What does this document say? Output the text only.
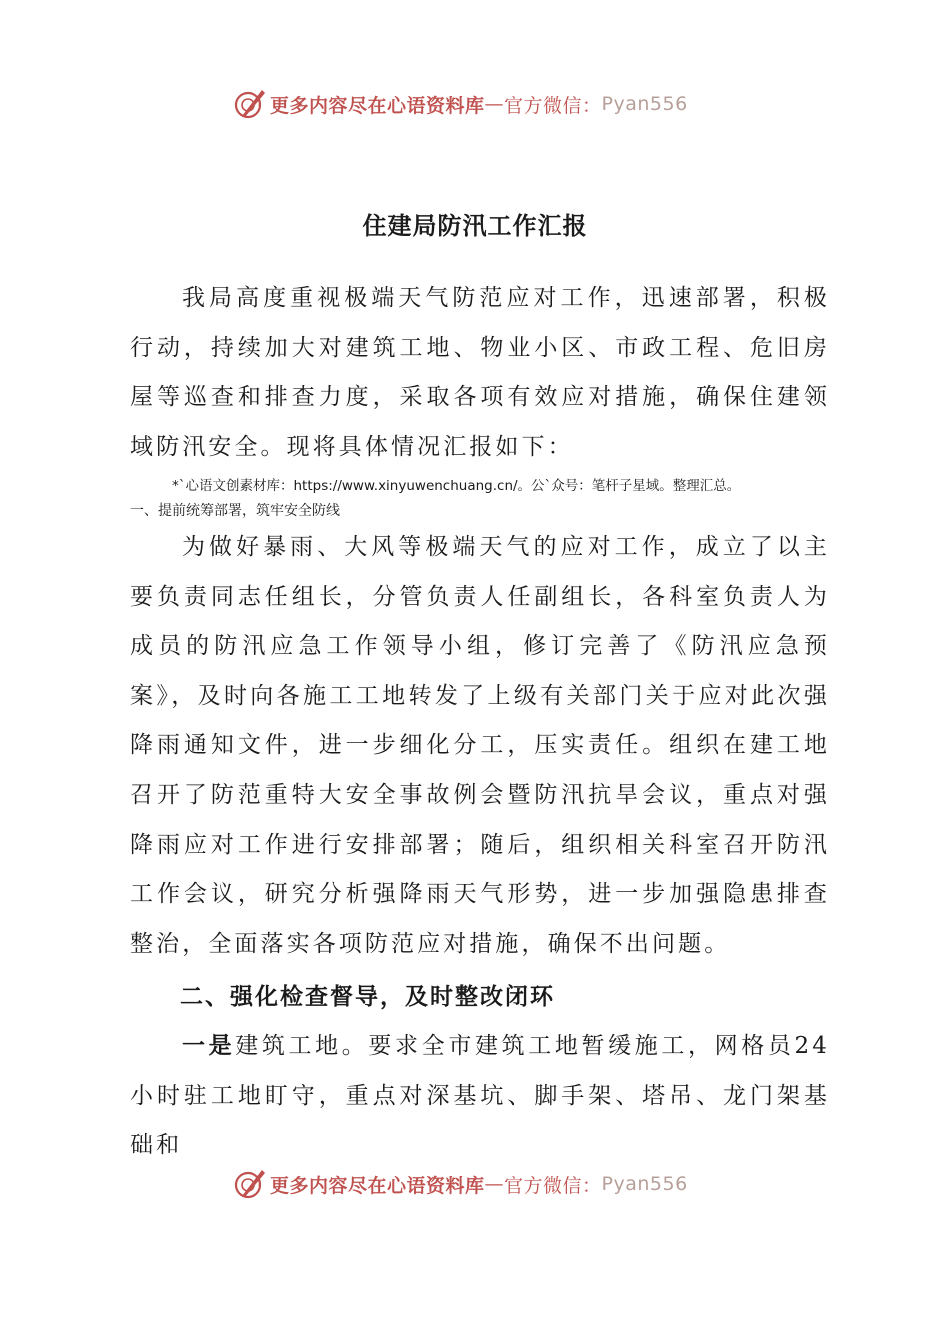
更多内容尽在心语资料库 — 官方微信： Pyan556
住建局防汛工作汇报
我局高度重视极端天气防范应对工作，迅速部署，积极行动，持续加大对建筑工地、物业小区、市政工程、危旧房屋等巡查和排查力度，采取各项有效应对措施，确保住建领域防汛安全。现将具体情况汇报如下：
*`心语文创素材库：https://www.xinyuwenchuang.cn/。公`众号：笔杆子星域。整理汇总。
一、提前统筹部署，筑牢安全防线
为做好暴雨、大风等极端天气的应对工作，成立了以主要负责同志任组长，分管负责人任副组长，各科室负责人为成员的防汛应急工作领导小组，修订完善了《防汛应急预案》，及时向各施工工地转发了上级有关部门关于应对此次强降雨通知文件，进一步细化分工，压实责任。组织在建工地召开了防范重特大安全事故例会暨防汛抗旱会议，重点对强降雨应对工作进行安排部署；随后，组织相关科室召开防汛工作会议，研究分析强降雨天气形势，进一步加强隐患排查整治，全面落实各项防范应对措施，确保不出问题。
二、强化检查督导，及时整改闭环
一是建筑工地。要求全市建筑工地暂缓施工，网格员24小时驻工地盯守，重点对深基坑、脚手架、塔吊、龙门架基础和
更多内容尽在心语资料库 — 官方微信： Pyan556
